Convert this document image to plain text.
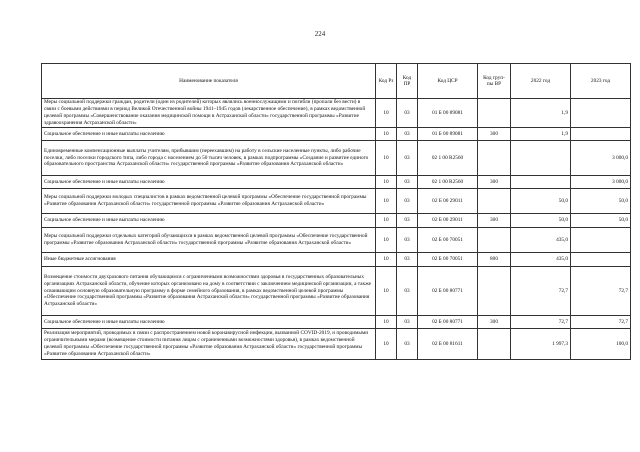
224
Наименование показателя	Код Рз	Код ПР	Код ЦСР	Код груп-пы ВР	2022 год	2023 год
Меры социальной поддержки граждан, родители (один из родителей) которых являлись военнослужащими и погибли (пропали без вести) в связи с боевыми действиями в период Великой Отечественной войны 1941–1945 годов (лекарственное обеспечение), в рамках ведомственной целевой программы «Совершенствование оказания медицинской помощи в Астраханской области» государственной программы «Развитие здравоохранения Астраханской области»	10	03	01 Б 00 89081		1,9	
Социальное обеспечение и иные выплаты населению	10	03	01 Б 00 89081	300	1,9	
Единовременные компенсационные выплаты учителям, прибывшим (переехавшим) на работу в сельские населенные пункты, либо рабочие поселки, либо поселки городского типа, либо города с населением до 50 тысяч человек, в рамках подпрограммы «Создание и развитие единого образовательного пространства Астраханской области» государственной программы «Развитие образования Астраханской области»	10	03	02 1 00 R2560			3 000,0
Социальное обеспечение и иные выплаты населению	10	03	02 1 00 R2560	300		3 000,0
Меры социальной поддержки молодых специалистов в рамках ведомственной целевой программы «Обеспечение государственной программы «Развитие образования Астраханской области» государственной программы «Развитие образования Астраханской области»	10	03	02 Б 00 29011		50,0	50,0
Социальное обеспечение и иные выплаты населению	10	03	02 Б 00 29011	300	50,0	50,0
Меры социальной поддержки отдельных категорий обучающихся в рамках ведомственной целевой программы «Обеспечение государственной программы «Развитие образования Астраханской области» государственной программы «Развитие образования Астраханской области»	10	03	02 Б 00 70051		435,0	
Иные бюджетные ассигнования	10	03	02 Б 00 70051	800	435,0	
Возмещение стоимости двухразового питания обучающимся с ограниченными возможностями здоровья в государственных образовательных организациях Астраханской области, обучение которых организовано на дому в соответствии с заключением медицинской организации, а также осваивающим основную образовательную программу в форме семейного образования, в рамках ведомственной целевой программы «Обеспечение государственной программы «Развитие образования Астраханской области» государственной программы «Развитие образования Астраханской области»	10	03	02 Б 00 80771		72,7	72,7
Социальное обеспечение и иные выплаты населению	10	03	02 Б 00 80771	300	72,7	72,7
Реализация мероприятий, проводимых в связи с распространением новой коронавирусной инфекции, вызванной COVID-2019, и проводимыми ограничительными мерами (возмещение стоимости питания лицам с ограниченными возможностями здоровья), в рамках ведомственной целевой программы «Обеспечение государственной программы «Развитие образования Астраханской области» государственной программы «Развитие образования Астраханской области»	10	03	02 Б 00 81611		1 997,3	100,0
